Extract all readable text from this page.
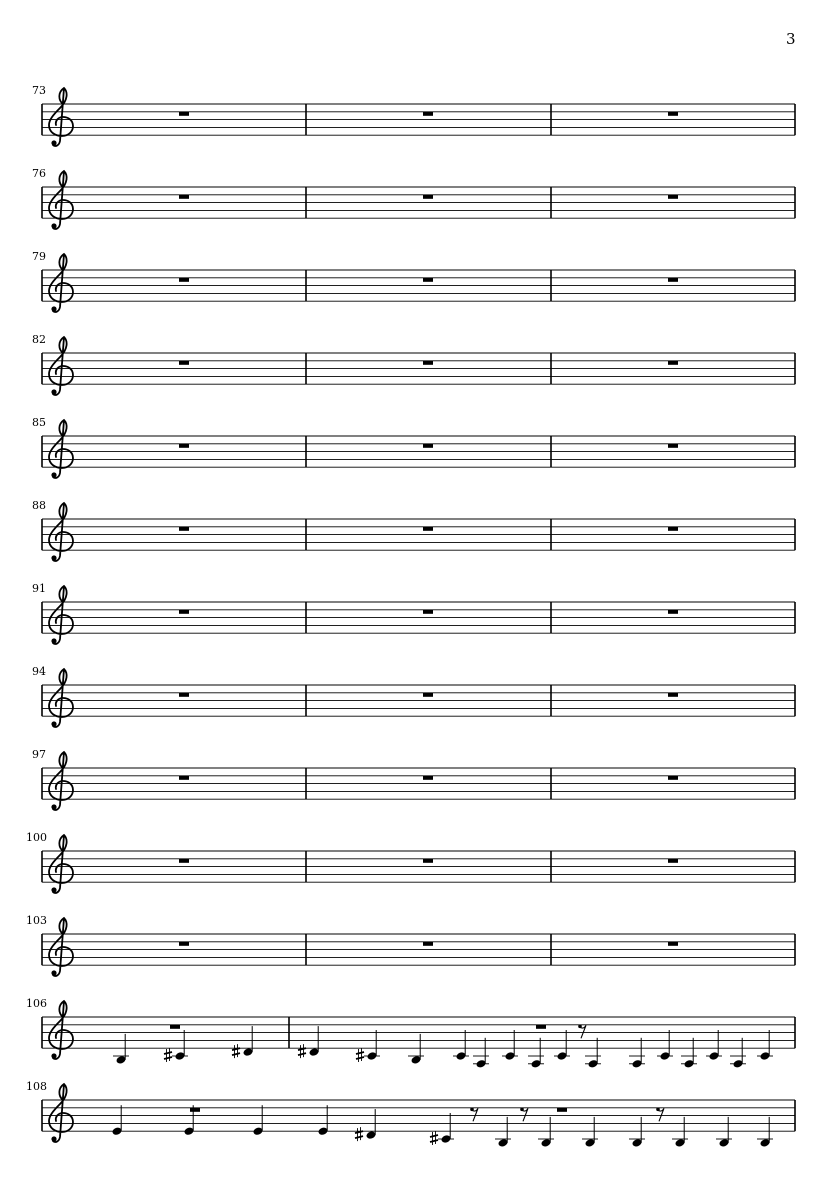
3
73
76
79
82
85
88
91
94
97
100
103
106
108
